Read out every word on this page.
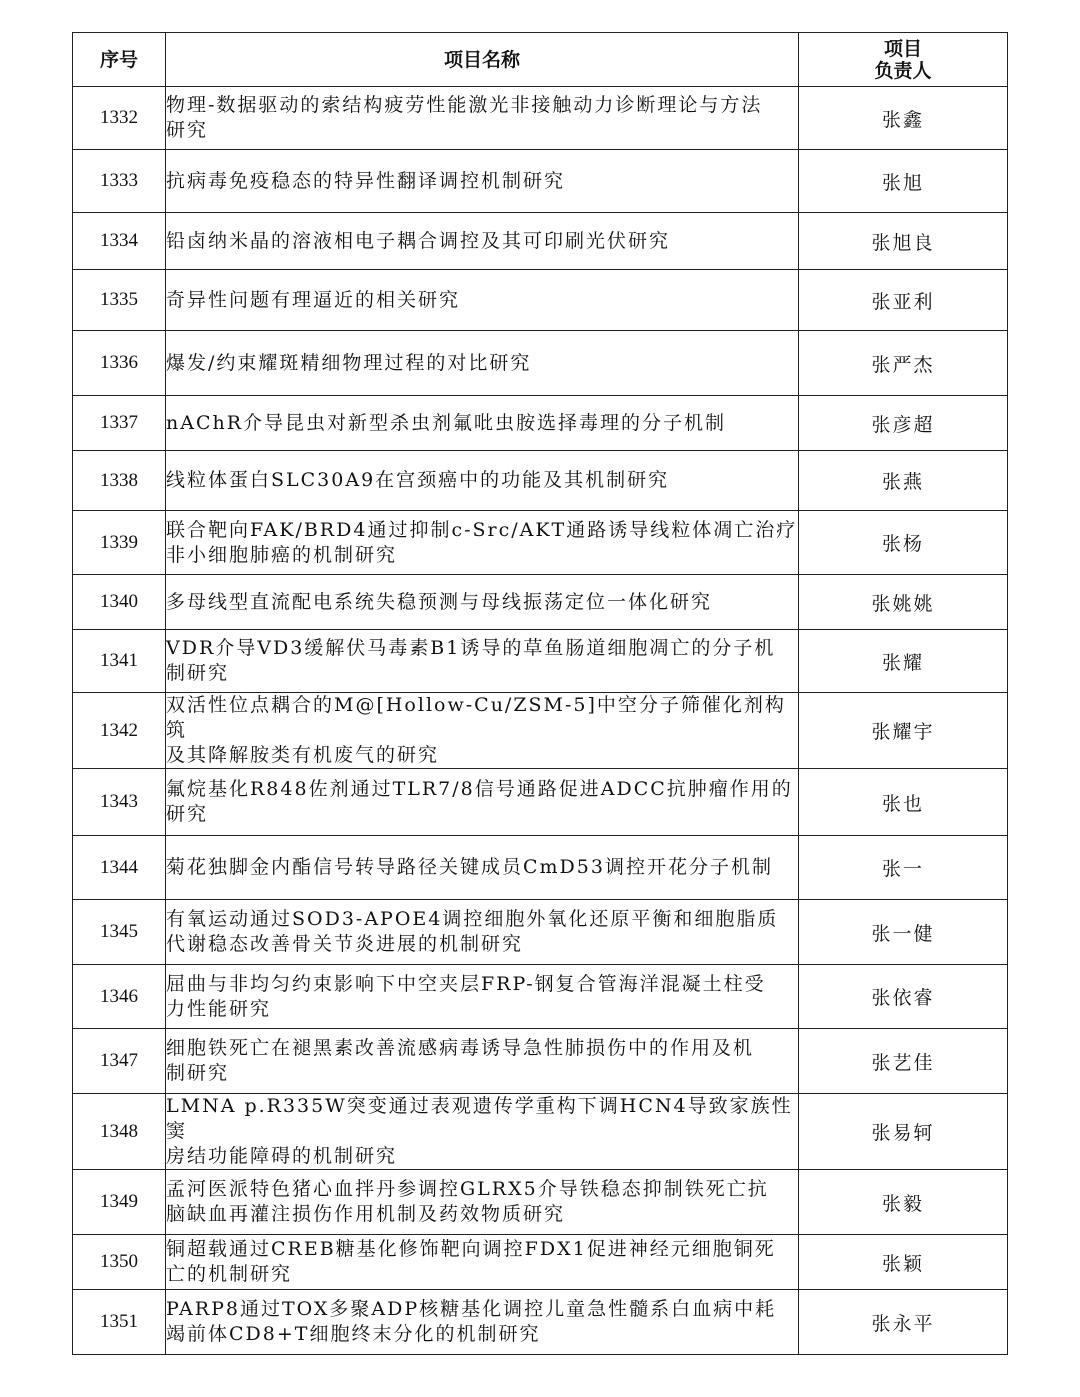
序号	项目名称	项目
负责人

1332	物理-数据驱动的索结构疲劳性能激光非接触动力诊断理论与方法
研究	张鑫
1333	抗病毒免疫稳态的特异性翻译调控机制研究	张旭
1334	铅卤纳米晶的溶液相电子耦合调控及其可印刷光伏研究	张旭良
1335	奇异性问题有理逼近的相关研究	张亚利
1336	爆发/约束耀斑精细物理过程的对比研究	张严杰
1337	nAChR介导昆虫对新型杀虫剂氟吡虫胺选择毒理的分子机制	张彦超
1338	线粒体蛋白SLC30A9在宫颈癌中的功能及其机制研究	张燕
1339	联合靶向FAK/BRD4通过抑制c-Src/AKT通路诱导线粒体凋亡治疗
非小细胞肺癌的机制研究	张杨
1340	多母线型直流配电系统失稳预测与母线振荡定位一体化研究	张姚姚
1341	VDR介导VD3缓解伏马毒素B1诱导的草鱼肠道细胞凋亡的分子机
制研究	张耀
1342	双活性位点耦合的M@[Hollow-Cu/ZSM-5]中空分子筛催化剂构筑
及其降解胺类有机废气的研究	张耀宇
1343	氟烷基化R848佐剂通过TLR7/8信号通路促进ADCC抗肿瘤作用的
研究	张也
1344	菊花独脚金内酯信号转导路径关键成员CmD53调控开花分子机制	张一
1345	有氧运动通过SOD3-APOE4调控细胞外氧化还原平衡和细胞脂质
代谢稳态改善骨关节炎进展的机制研究	张一健
1346	屈曲与非均匀约束影响下中空夹层FRP-钢复合管海洋混凝土柱受
力性能研究	张依睿
1347	细胞铁死亡在褪黑素改善流感病毒诱导急性肺损伤中的作用及机
制研究	张艺佳
1348	LMNA p.R335W突变通过表观遗传学重构下调HCN4导致家族性窦
房结功能障碍的机制研究	张易轲
1349	孟河医派特色猪心血拌丹参调控GLRX5介导铁稳态抑制铁死亡抗
脑缺血再灌注损伤作用机制及药效物质研究	张毅
1350	铜超载通过CREB糖基化修饰靶向调控FDX1促进神经元细胞铜死
亡的机制研究	张颖
1351	PARP8通过TOX多聚ADP核糖基化调控儿童急性髓系白血病中耗
竭前体CD8+T细胞终末分化的机制研究	张永平
